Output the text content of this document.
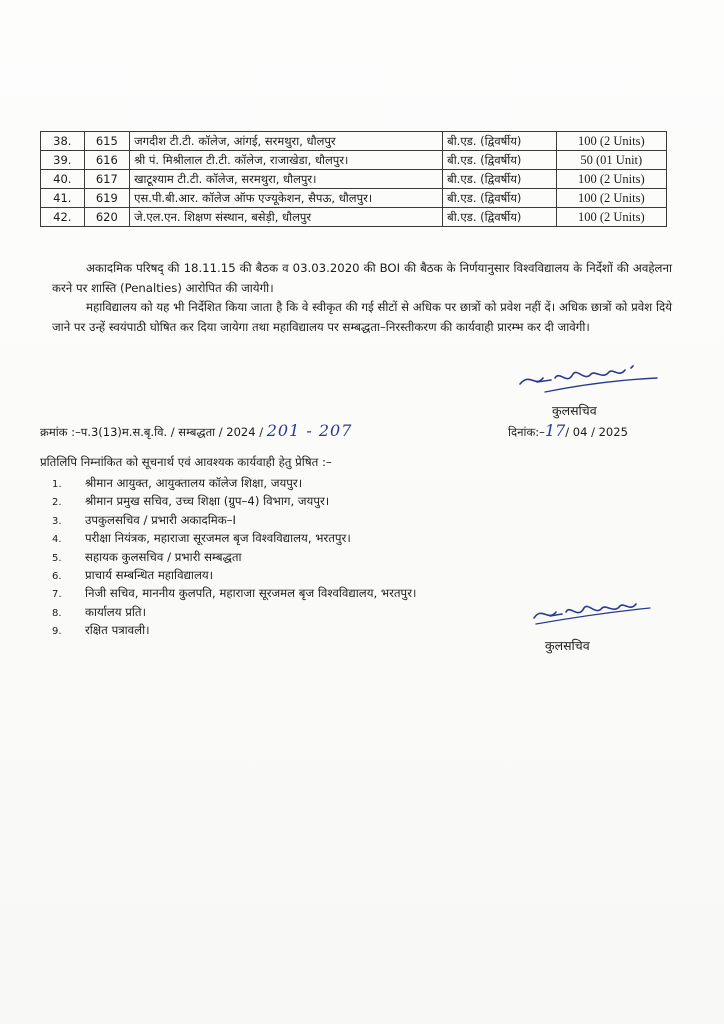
38.	615	जगदीश टी.टी. कॉलेज, आंगई, सरमथुरा, धौलपुर	बी.एड. (द्विवर्षीय)	100 (2 Units)
39.	616	श्री पं. मिश्रीलाल टी.टी. कॉलेज, राजाखेडा, धौलपुर।	बी.एड. (द्विवर्षीय)	50 (01 Unit)
40.	617	खाटूश्याम टी.टी. कॉलेज, सरमथुरा, धौलपुर।	बी.एड. (द्विवर्षीय)	100 (2 Units)
41.	619	एस.पी.बी.आर. कॉलेज ऑफ एज्यूकेशन, सैपऊ, धौलपुर।	बी.एड. (द्विवर्षीय)	100 (2 Units)
42.	620	जे.एल.एन. शिक्षण संस्थान, बसेड़ी, धौलपुर	बी.एड. (द्विवर्षीय)	100 (2 Units)
अकादमिक परिषद् की 18.11.15 की बैठक व 03.03.2020 की BOI की बैठक के निर्णयानुसार विश्वविद्यालय के निर्देशों की अवहेलना करने पर शास्ति (Penalties) आरोपित की जायेगी।
महाविद्यालय को यह भी निर्देशित किया जाता है कि वे स्वीकृत की गई सीटों से अधिक पर छात्रों को प्रवेश नहीं दें। अधिक छात्रों को प्रवेश दिये जाने पर उन्हें स्वयंपाठी घोषित कर दिया जायेगा तथा महाविद्यालय पर सम्बद्धता–निरस्तीकरण की कार्यवाही प्रारम्भ कर दी जावेगी।
कुलसचिव
क्रमांक :–प.3(13)म.स.बृ.वि. / सम्बद्धता / 2024 / 201 - 207	दिनांक:–17/ 04 / 2025
प्रतिलिपि निम्नांकित को सूचनार्थ एवं आवश्यक कार्यवाही हेतु प्रेषित :–
1. श्रीमान आयुक्त, आयुक्तालय कॉलेज शिक्षा, जयपुर।
2. श्रीमान प्रमुख सचिव, उच्च शिक्षा (ग्रुप–4) विभाग, जयपुर।
3. उपकुलसचिव / प्रभारी अकादमिक–I
4. परीक्षा नियंत्रक, महाराजा सूरजमल बृज विश्वविद्यालय, भरतपुर।
5. सहायक कुलसचिव / प्रभारी सम्बद्धता
6. प्राचार्य सम्बन्धित महाविद्यालय।
7. निजी सचिव, माननीय कुलपति, महाराजा सूरजमल बृज विश्वविद्यालय, भरतपुर।
8. कार्यालय प्रति।
9. रक्षित पत्रावली।
कुलसचिव
